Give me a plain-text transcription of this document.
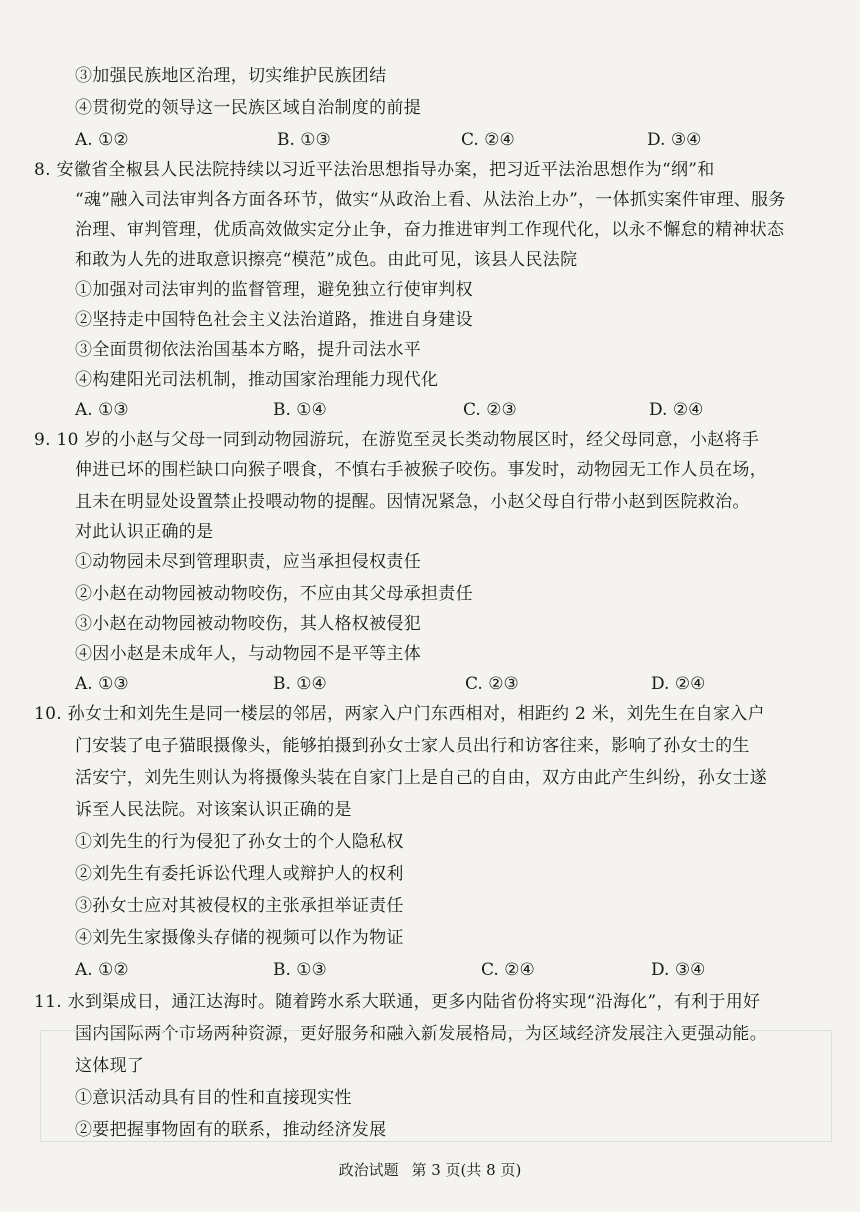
③加强民族地区治理，切实维护民族团结
④贯彻党的领导这一民族区域自治制度的前提
A. ①②	B. ①③	C. ②④	D. ③④
8. 安徽省全椒县人民法院持续以习近平法治思想指导办案，把习近平法治思想作为“纲”和
“魂”融入司法审判各方面各环节，做实“从政治上看、从法治上办”，一体抓实案件审理、服务
治理、审判管理，优质高效做实定分止争，奋力推进审判工作现代化，以永不懈怠的精神状态
和敢为人先的进取意识擦亮“模范”成色。由此可见，该县人民法院
①加强对司法审判的监督管理，避免独立行使审判权
②坚持走中国特色社会主义法治道路，推进自身建设
③全面贯彻依法治国基本方略，提升司法水平
④构建阳光司法机制，推动国家治理能力现代化
A. ①③	B. ①④	C. ②③	D. ②④
9. 10 岁的小赵与父母一同到动物园游玩，在游览至灵长类动物展区时，经父母同意，小赵将手
伸进已坏的围栏缺口向猴子喂食，不慎右手被猴子咬伤。事发时，动物园无工作人员在场，
且未在明显处设置禁止投喂动物的提醒。因情况紧急，小赵父母自行带小赵到医院救治。
对此认识正确的是
①动物园未尽到管理职责，应当承担侵权责任
②小赵在动物园被动物咬伤，不应由其父母承担责任
③小赵在动物园被动物咬伤，其人格权被侵犯
④因小赵是未成年人，与动物园不是平等主体
A. ①③	B. ①④	C. ②③	D. ②④
10. 孙女士和刘先生是同一楼层的邻居，两家入户门东西相对，相距约 2 米，刘先生在自家入户
门安装了电子猫眼摄像头，能够拍摄到孙女士家人员出行和访客往来，影响了孙女士的生
活安宁，刘先生则认为将摄像头装在自家门上是自己的自由，双方由此产生纠纷，孙女士遂
诉至人民法院。对该案认识正确的是
①刘先生的行为侵犯了孙女士的个人隐私权
②刘先生有委托诉讼代理人或辩护人的权利
③孙女士应对其被侵权的主张承担举证责任
④刘先生家摄像头存储的视频可以作为物证
A. ①②	B. ①③	C. ②④	D. ③④
11. 水到渠成日，通江达海时。随着跨水系大联通，更多内陆省份将实现“沿海化”，有利于用好
国内国际两个市场两种资源，更好服务和融入新发展格局，为区域经济发展注入更强动能。
这体现了
①意识活动具有目的性和直接现实性
②要把握事物固有的联系，推动经济发展
政治试题 第 3 页(共 8 页)
